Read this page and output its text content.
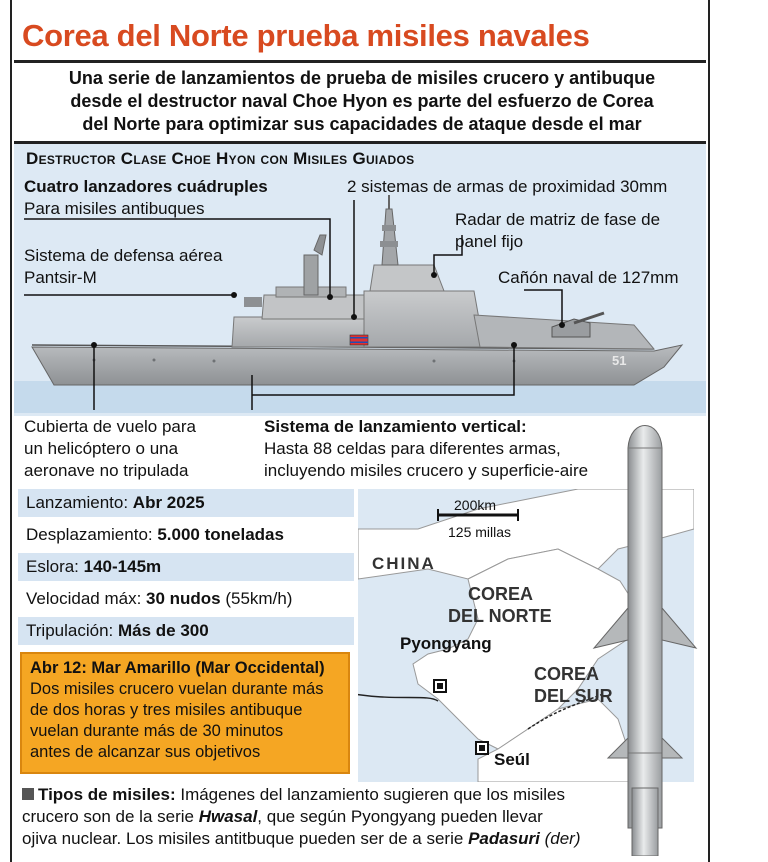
Corea del Norte prueba misiles navales
Una serie de lanzamientos de prueba de misiles crucero y antibuque
desde el destructor naval Choe Hyon es parte del esfuerzo de Corea
del Norte para optimizar sus capacidades de ataque desde el mar
Destructor Clase Choe Hyon con Misiles Guiados
Cuatro lanzadores cuádruples
Para misiles antibuques
2 sistemas de armas de proximidad 30mm
Radar de matriz de fase de
panel fijo
Sistema de defensa aérea
Pantsir-M	Cañón naval de 127mm
51
Cubierta de vuelo para
un helicóptero o una
aeronave no tripulada
Sistema de lanzamiento vertical:
Hasta 88 celdas para diferentes armas,
incluyendo misiles crucero y superficie-aire
Lanzamiento: Abr 2025
Desplazamiento: 5.000 toneladas
Eslora: 140-145m
Velocidad máx: 30 nudos (55km/h)
Tripulación: Más de 300
200km
125 millas
CHINA
COREA
DEL NORTE
Pyongyang
COREA
DEL SUR
Seúl
Abr 12: Mar Amarillo (Mar Occidental)
Dos misiles crucero vuelan durante más
de dos horas y tres misiles antibuque
vuelan durante más de 30 minutos
antes de alcanzar sus objetivos
Tipos de misiles: Imágenes del lanzamiento sugieren que los misiles
crucero son de la serie Hwasal, que según Pyongyang pueden llevar
ojiva nuclear. Los misiles antitbuque pueden ser de a serie Padasuri (der)
